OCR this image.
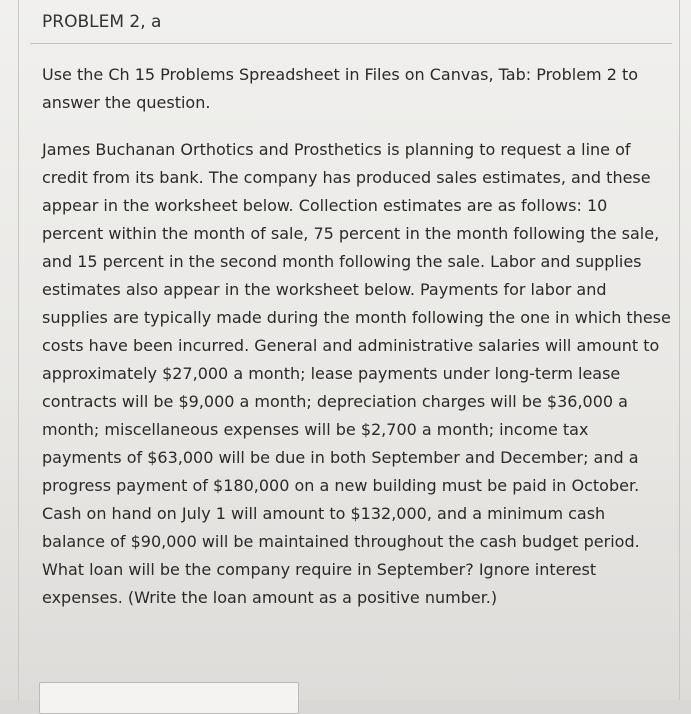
PROBLEM 2, a

Use the Ch 15 Problems Spreadsheet in Files on Canvas, Tab: Problem 2 to answer the question.

James Buchanan Orthotics and Prosthetics is planning to request a line of credit from its bank. The company has produced sales estimates, and these appear in the worksheet below. Collection estimates are as follows: 10 percent within the month of sale, 75 percent in the month following the sale, and 15 percent in the second month following the sale. Labor and supplies estimates also appear in the worksheet below. Payments for labor and supplies are typically made during the month following the one in which these costs have been incurred. General and administrative salaries will amount to approximately $27,000 a month; lease payments under long-term lease contracts will be $9,000 a month; depreciation charges will be $36,000 a month; miscellaneous expenses will be $2,700 a month; income tax payments of $63,000 will be due in both September and December; and a progress payment of $180,000 on a new building must be paid in October. Cash on hand on July 1 will amount to $132,000, and a minimum cash balance of $90,000 will be maintained throughout the cash budget period. What loan will be the company require in September? Ignore interest expenses. (Write the loan amount as a positive number.)
